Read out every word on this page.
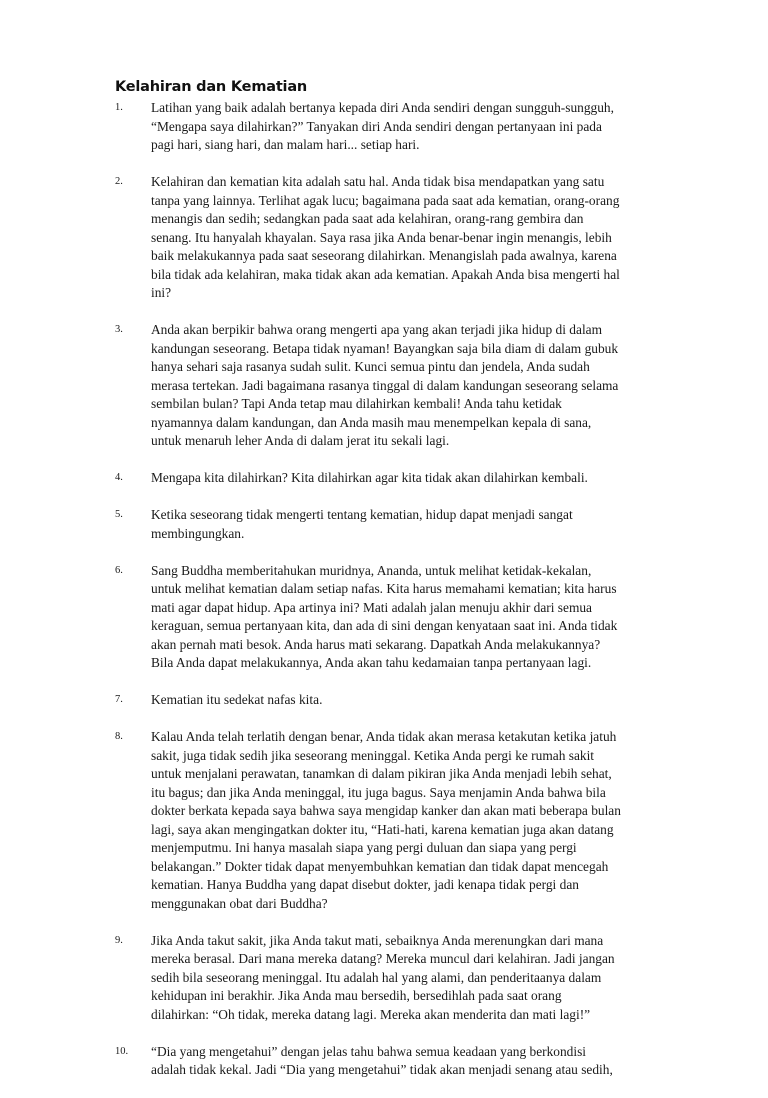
Kelahiran dan Kematian
1. Latihan yang baik adalah bertanya kepada diri Anda sendiri dengan sungguh-sungguh,
“Mengapa saya dilahirkan?” Tanyakan diri Anda sendiri dengan pertanyaan ini pada
pagi hari, siang hari, dan malam hari... setiap hari.
2. Kelahiran dan kematian kita adalah satu hal. Anda tidak bisa mendapatkan yang satu
tanpa yang lainnya. Terlihat agak lucu; bagaimana pada saat ada kematian, orang-orang
menangis dan sedih; sedangkan pada saat ada kelahiran, orang-rang gembira dan
senang. Itu hanyalah khayalan. Saya rasa jika Anda benar-benar ingin menangis, lebih
baik melakukannya pada saat seseorang dilahirkan. Menangislah pada awalnya, karena
bila tidak ada kelahiran, maka tidak akan ada kematian. Apakah Anda bisa mengerti hal
ini?
3. Anda akan berpikir bahwa orang mengerti apa yang akan terjadi jika hidup di dalam
kandungan seseorang. Betapa tidak nyaman! Bayangkan saja bila diam di dalam gubuk
hanya sehari saja rasanya sudah sulit. Kunci semua pintu dan jendela, Anda sudah
merasa tertekan. Jadi bagaimana rasanya tinggal di dalam kandungan seseorang selama
sembilan bulan? Tapi Anda tetap mau dilahirkan kembali! Anda tahu ketidak
nyamannya dalam kandungan, dan Anda masih mau menempelkan kepala di sana,
untuk menaruh leher Anda di dalam jerat itu sekali lagi.
4. Mengapa kita dilahirkan? Kita dilahirkan agar kita tidak akan dilahirkan kembali.
5. Ketika seseorang tidak mengerti tentang kematian, hidup dapat menjadi sangat
membingungkan.
6. Sang Buddha memberitahukan muridnya, Ananda, untuk melihat ketidak-kekalan,
untuk melihat kematian dalam setiap nafas. Kita harus memahami kematian; kita harus
mati agar dapat hidup. Apa artinya ini? Mati adalah jalan menuju akhir dari semua
keraguan, semua pertanyaan kita, dan ada di sini dengan kenyataan saat ini. Anda tidak
akan pernah mati besok. Anda harus mati sekarang. Dapatkah Anda melakukannya?
Bila Anda dapat melakukannya, Anda akan tahu kedamaian tanpa pertanyaan lagi.
7. Kematian itu sedekat nafas kita.
8. Kalau Anda telah terlatih dengan benar, Anda tidak akan merasa ketakutan ketika jatuh
sakit, juga tidak sedih jika seseorang meninggal. Ketika Anda pergi ke rumah sakit
untuk menjalani perawatan, tanamkan di dalam pikiran jika Anda menjadi lebih sehat,
itu bagus; dan jika Anda meninggal, itu juga bagus. Saya menjamin Anda bahwa bila
dokter berkata kepada saya bahwa saya mengidap kanker dan akan mati beberapa bulan
lagi, saya akan mengingatkan dokter itu, “Hati-hati, karena kematian juga akan datang
menjemputmu. Ini hanya masalah siapa yang pergi duluan dan siapa yang pergi
belakangan.” Dokter tidak dapat menyembuhkan kematian dan tidak dapat mencegah
kematian. Hanya Buddha yang dapat disebut dokter, jadi kenapa tidak pergi dan
menggunakan obat dari Buddha?
9. Jika Anda takut sakit, jika Anda takut mati, sebaiknya Anda merenungkan dari mana
mereka berasal. Dari mana mereka datang? Mereka muncul dari kelahiran. Jadi jangan
sedih bila seseorang meninggal. Itu adalah hal yang alami, dan penderitaanya dalam
kehidupan ini berakhir. Jika Anda mau bersedih, bersedihlah pada saat orang
dilahirkan: “Oh tidak, mereka datang lagi. Mereka akan menderita dan mati lagi!”
10. “Dia yang mengetahui” dengan jelas tahu bahwa semua keadaan yang berkondisi
adalah tidak kekal. Jadi “Dia yang mengetahui” tidak akan menjadi senang atau sedih,
